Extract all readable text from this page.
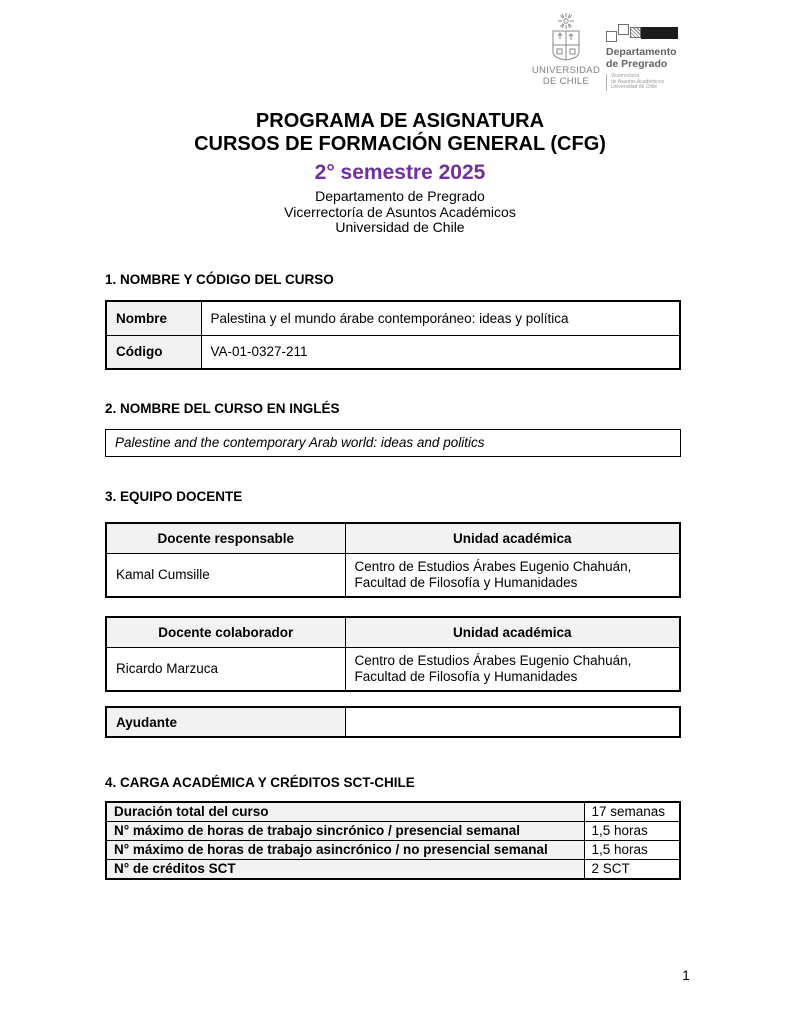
UNIVERSIDAD
DE CHILE
Departamento
de Pregrado
Vicerrectoría
de Asuntos Académicos
Universidad de Chile
PROGRAMA DE ASIGNATURA
CURSOS DE FORMACIÓN GENERAL (CFG)
2° semestre 2025
Departamento de Pregrado
Vicerrectoría de Asuntos Académicos
Universidad de Chile
1. NOMBRE Y CÓDIGO DEL CURSO
Nombre	Palestina y el mundo árabe contemporáneo: ideas y política
Código	VA-01-0327-211
2. NOMBRE DEL CURSO EN INGLÉS
Palestine and the contemporary Arab world: ideas and politics
3. EQUIPO DOCENTE
Docente responsable	Unidad académica
Kamal Cumsille	Centro de Estudios Árabes Eugenio Chahuán, Facultad de Filosofía y Humanidades
Docente colaborador	Unidad académica
Ricardo Marzuca	Centro de Estudios Árabes Eugenio Chahuán, Facultad de Filosofía y Humanidades
Ayudante	
4. CARGA ACADÉMICA Y CRÉDITOS SCT-CHILE
Duración total del curso	17 semanas
N° máximo de horas de trabajo sincrónico / presencial semanal	1,5 horas
N° máximo de horas de trabajo asincrónico / no presencial semanal	1,5 horas
N° de créditos SCT	2 SCT
1
